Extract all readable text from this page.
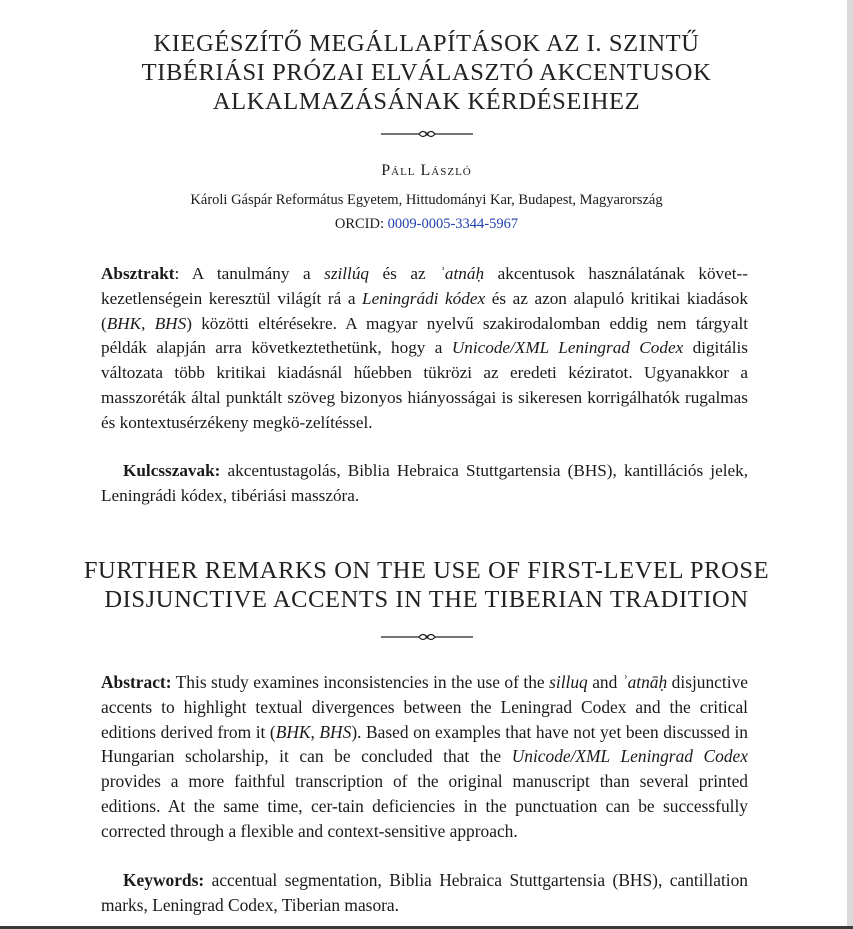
KIEGÉSZÍTŐ MEGÁLLAPÍTÁSOK AZ I. SZINTŰ
TIBÉRIÁSI PRÓZAI ELVÁLASZTÓ AKCENTUSOK
ALKALMAZÁSÁNAK KÉRDÉSEIHEZ
Páll László
Károli Gáspár Református Egyetem, Hittudományi Kar, Budapest, Magyarország
ORCID: 0009-0005-3344-5967
Absztrakt: A tanulmány a szillúq és az ʾatnáḥ akcentusok használatának követ-kezetlenségein keresztül világít rá a Leningrádi kódex és az azon alapuló kritikai kiadások (BHK, BHS) közötti eltérésekre. A magyar nyelvű szakirodalomban eddig nem tárgyalt példák alapján arra következtethetünk, hogy a Unicode/XML Leningrad Codex digitális változata több kritikai kiadásnál hűebben tükrözi az eredeti kéziratot. Ugyanakkor a masszoréták által punktált szöveg bizonyos hiányosságai is sikeresen korrigálhatók rugalmas és kontextusérzékeny megkö-zelítéssel.
Kulcsszavak: akcentustagolás, Biblia Hebraica Stuttgartensia (BHS), kantillációs jelek, Leningrádi kódex, tibériási masszóra.
FURTHER REMARKS ON THE USE OF FIRST-LEVEL PROSE
DISJUNCTIVE ACCENTS IN THE TIBERIAN TRADITION
Abstract: This study examines inconsistencies in the use of the silluq and ʾatnāḥ disjunctive accents to highlight textual divergences between the Leningrad Codex and the critical editions derived from it (BHK, BHS). Based on examples that have not yet been discussed in Hungarian scholarship, it can be concluded that the Unicode/XML Leningrad Codex provides a more faithful transcription of the original manuscript than several printed editions. At the same time, cer-tain deficiencies in the punctuation can be successfully corrected through a flexible and context-sensitive approach.
Keywords: accentual segmentation, Biblia Hebraica Stuttgartensia (BHS), cantillation marks, Leningrad Codex, Tiberian masora.
